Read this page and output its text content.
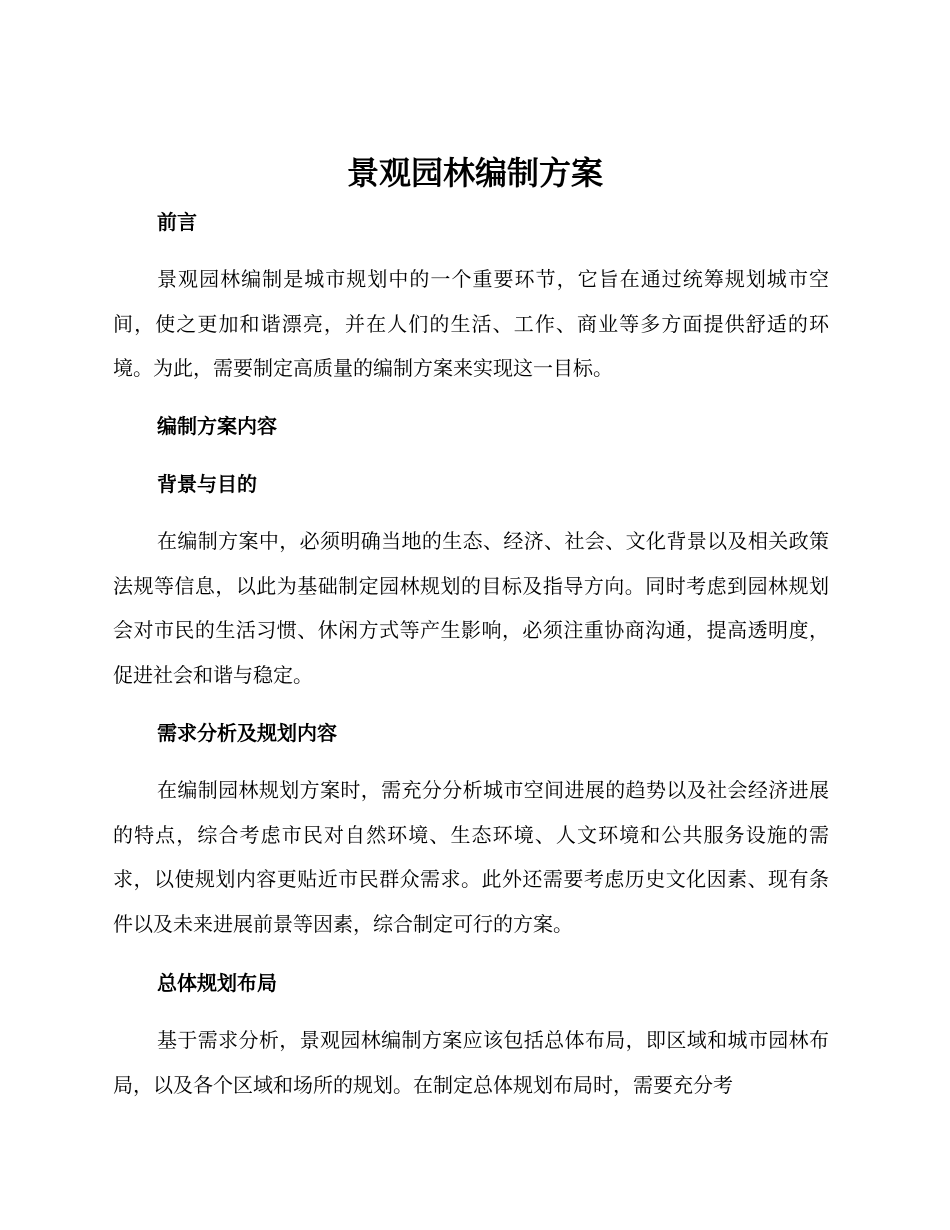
景观园林编制方案
前言

景观园林编制是城市规划中的一个重要环节，它旨在通过统筹规划城市空间，使之更加和谐漂亮，并在人们的生活、工作、商业等多方面提供舒适的环境。为此，需要制定高质量的编制方案来实现这一目标。

编制方案内容
背景与目的

在编制方案中，必须明确当地的生态、经济、社会、文化背景以及相关政策法规等信息，以此为基础制定园林规划的目标及指导方向。同时考虑到园林规划会对市民的生活习惯、休闲方式等产生影响，必须注重协商沟通，提高透明度，促进社会和谐与稳定。

需求分析及规划内容

在编制园林规划方案时，需充分分析城市空间进展的趋势以及社会经济进展的特点，综合考虑市民对自然环境、生态环境、人文环境和公共服务设施的需求，以使规划内容更贴近市民群众需求。此外还需要考虑历史文化因素、现有条件以及未来进展前景等因素，综合制定可行的方案。

总体规划布局

基于需求分析，景观园林编制方案应该包括总体布局，即区域和城市园林布局，以及各个区域和场所的规划。在制定总体规划布局时，需要充分考
